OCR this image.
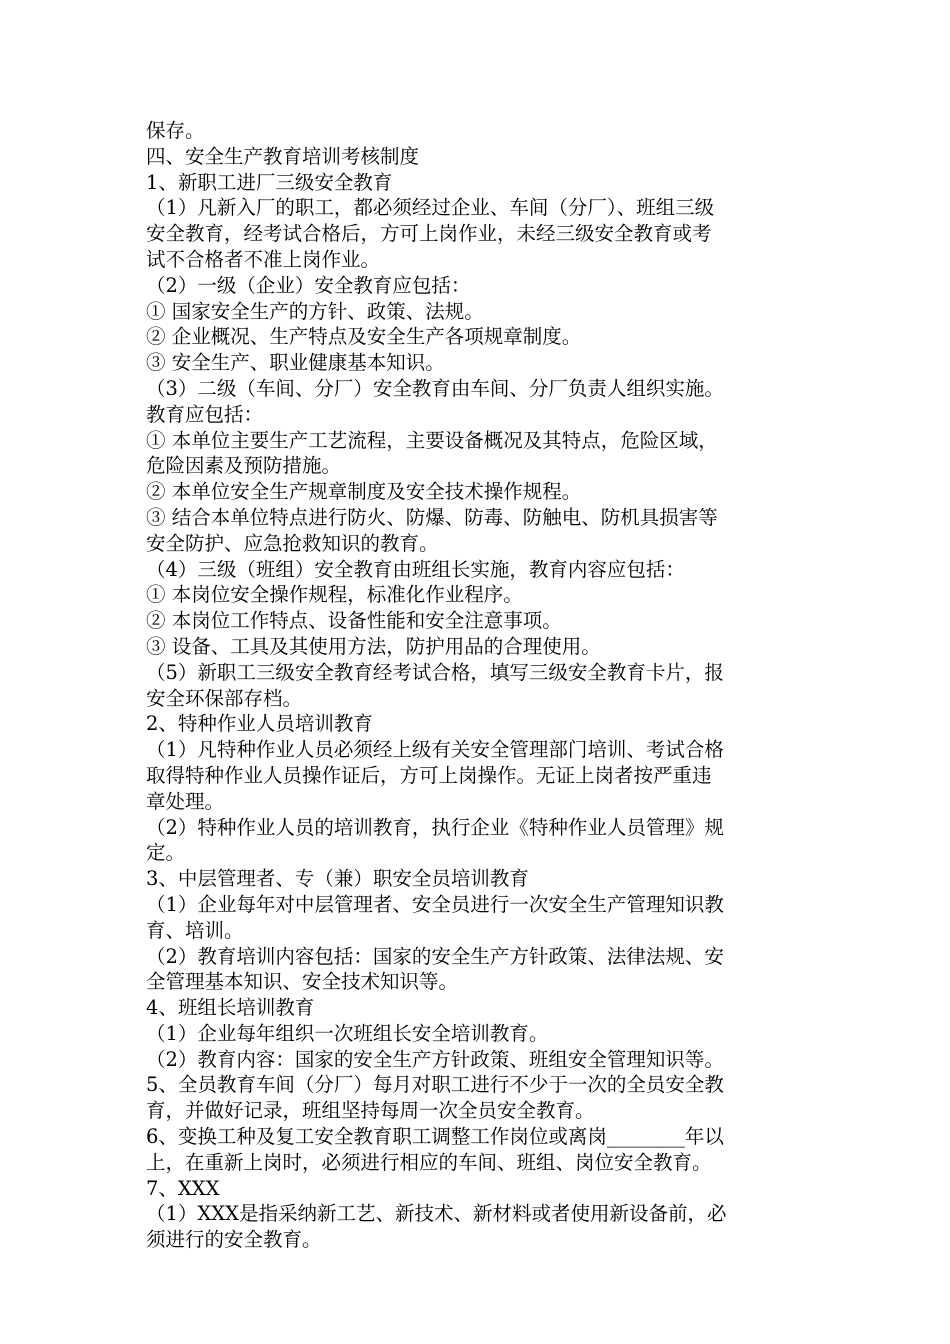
保存。
四、安全生产教育培训考核制度
1、新职工进厂三级安全教育
（1）凡新入厂的职工，都必须经过企业、车间（分厂）、班组三级
安全教育，经考试合格后，方可上岗作业，未经三级安全教育或考
试不合格者不准上岗作业。
（2）一级（企业）安全教育应包括：
① 国家安全生产的方针、政策、法规。
② 企业概况、生产特点及安全生产各项规章制度。
③ 安全生产、职业健康基本知识。
（3）二级（车间、分厂）安全教育由车间、分厂负责人组织实施。
教育应包括：
① 本单位主要生产工艺流程，主要设备概况及其特点，危险区域，
危险因素及预防措施。
② 本单位安全生产规章制度及安全技术操作规程。
③ 结合本单位特点进行防火、防爆、防毒、防触电、防机具损害等
安全防护、应急抢救知识的教育。
（4）三级（班组）安全教育由班组长实施，教育内容应包括：
① 本岗位安全操作规程，标准化作业程序。
② 本岗位工作特点、设备性能和安全注意事项。
③ 设备、工具及其使用方法，防护用品的合理使用。
（5）新职工三级安全教育经考试合格，填写三级安全教育卡片，报
安全环保部存档。
2、特种作业人员培训教育
（1）凡特种作业人员必须经上级有关安全管理部门培训、考试合格
取得特种作业人员操作证后，方可上岗操作。无证上岗者按严重违
章处理。
（2）特种作业人员的培训教育，执行企业《特种作业人员管理》规
定。
3、中层管理者、专（兼）职安全员培训教育
（1）企业每年对中层管理者、安全员进行一次安全生产管理知识教
育、培训。
（2）教育培训内容包括：国家的安全生产方针政策、法律法规、安
全管理基本知识、安全技术知识等。
4、班组长培训教育
（1）企业每年组织一次班组长安全培训教育。
（2）教育内容：国家的安全生产方针政策、班组安全管理知识等。
5、全员教育车间（分厂）每月对职工进行不少于一次的全员安全教
育，并做好记录，班组坚持每周一次全员安全教育。
6、变换工种及复工安全教育职工调整工作岗位或离岗________年以
上，在重新上岗时，必须进行相应的车间、班组、岗位安全教育。
7、XXX
（1）XXX是指采纳新工艺、新技术、新材料或者使用新设备前，必
须进行的安全教育。
